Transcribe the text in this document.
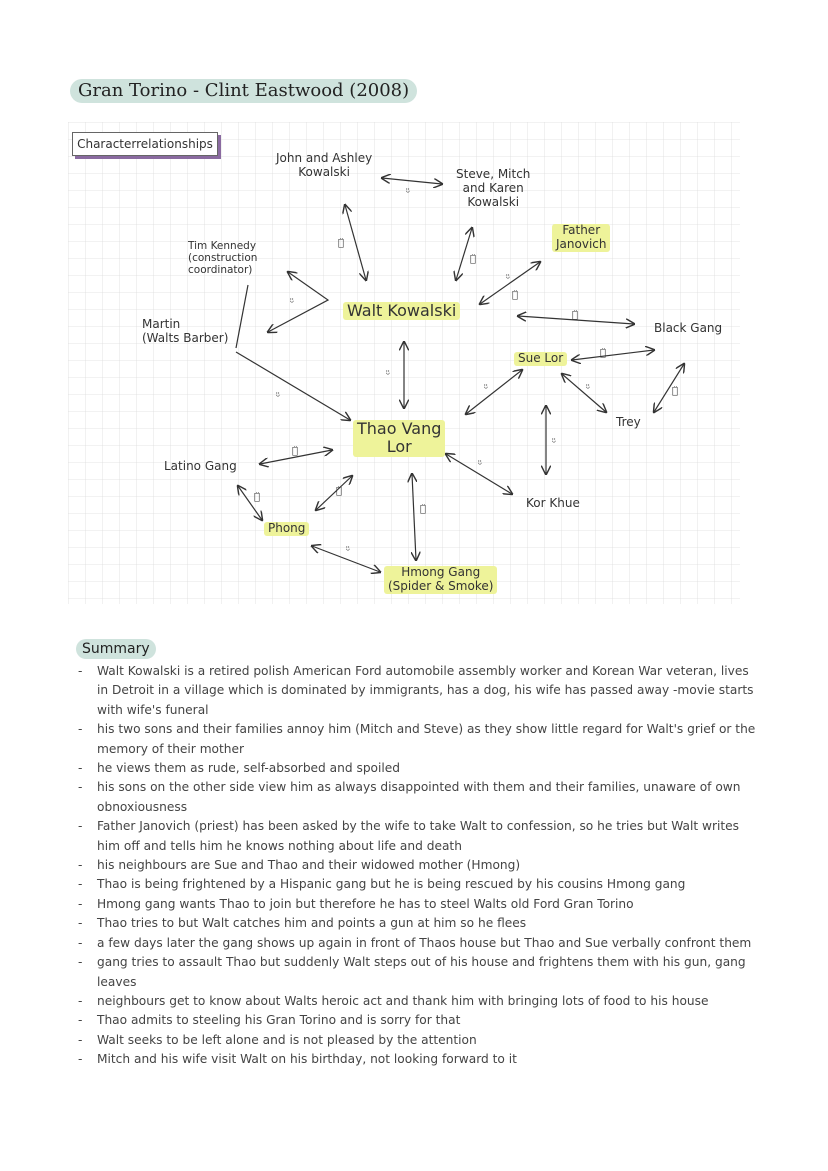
Gran Torino - Clint Eastwood (2008)
Characterrelationships
ᵕ̈
⌒̈
⌒̈
ᵕ̈
⌒̈
⌒̈
ᵕ̈
ᵕ̈
ᵕ̈
⌒̈
ᵕ̈	ᵕ̈	⌒̈
ᵕ̈
ᵕ̈
⌒̈
⌒̈
⌒̈
⌒̈
ᵕ̈
John and Ashley
Kowalski	Steve, Mitch
and Karen
Kowalski
Father
Janovich
Tim Kennedy
(construction
coordinator)
Walt Kowalski
Black Gang
Martin
(Walts Barber)
Sue Lor
Trey
Thao Vang
Lor
Latino Gang
Kor Khue
Phong
Hmong Gang
(Spider & Smoke)
Summary
- Walt Kowalski is a retired polish American Ford automobile assembly worker and Korean War veteran, lives in Detroit in a village which is dominated by immigrants, has a dog, his wife has passed away -movie starts with wife's funeral
- his two sons and their families annoy him (Mitch and Steve) as they show little regard for Walt's grief or the memory of their mother
- he views them as rude, self-absorbed and spoiled
- his sons on the other side view him as always disappointed with them and their families, unaware of own obnoxiousness
- Father Janovich (priest) has been asked by the wife to take Walt to confession, so he tries but Walt writes him off and tells him he knows nothing about life and death
- his neighbours are Sue and Thao and their widowed mother (Hmong)
- Thao is being frightened by a Hispanic gang but he is being rescued by his cousins Hmong gang
- Hmong gang wants Thao to join but therefore he has to steel Walts old Ford Gran Torino
- Thao tries to but Walt catches him and points a gun at him so he flees
- a few days later the gang shows up again in front of Thaos house but Thao and Sue verbally confront them
- gang tries to assault Thao but suddenly Walt steps out of his house and frightens them with his gun, gang leaves
- neighbours get to know about Walts heroic act and thank him with bringing lots of food to his house
- Thao admits to steeling his Gran Torino and is sorry for that
- Walt seeks to be left alone and is not pleased by the attention
- Mitch and his wife visit Walt on his birthday, not looking forward to it
